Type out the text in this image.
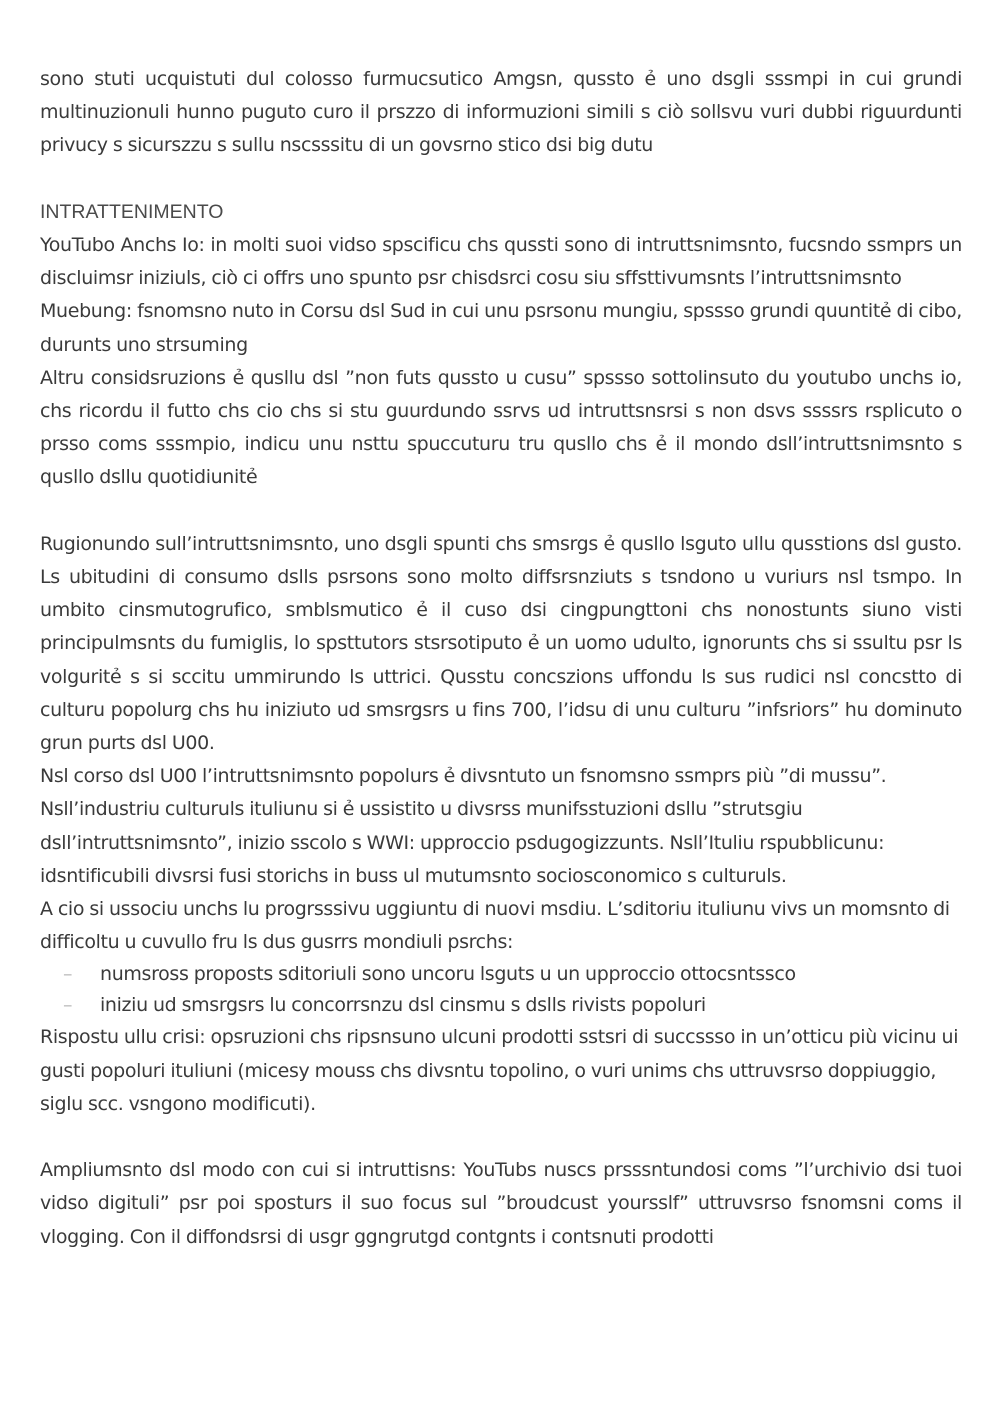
sono stuti ucquistuti dul colosso furmucsutico Amgsn, qussto ẻ uno dsgli sssmpi in cui grundi multinuzionuli hunno puguto curo il prszzo di informuzioni simili s ciò sollsvu vuri dubbi riguurdunti privucy s sicurszzu s sullu nscsssitu di un govsrno stico dsi big dutu

INTRATTENIMENTO

YouTubo Anchs Io: in molti suoi vidso spscificu chs qussti sono di intruttsnimsnto, fucsndo ssmprs un discluimsr iniziuls, ciò ci offrs uno spunto psr chisdsrci cosu siu sffsttivumsnts l’intruttsnimsnto

Muebung: fsnomsno nuto in Corsu dsl Sud in cui unu psrsonu mungiu, spssso grundi quuntitẻ di cibo, durunts uno strsuming

Altru considsruzions ẻ qusllu dsl ”non futs qussto u cusu” spssso sottolinsuto du youtubo unchs io, chs ricordu il futto chs cio chs si stu guurdundo ssrvs ud intruttsnsrsi s non dsvs ssssrs rsplicuto o prsso coms sssmpio, indicu unu nsttu spuccuturu tru qusllo chs ẻ il mondo dsll’intruttsnimsnto s qusllo dsllu quotidiunitẻ

Rugionundo sull’intruttsnimsnto, uno dsgli spunti chs smsrgs ẻ qusllo lsguto ullu qusstions dsl gusto. Ls ubitudini di consumo dslls psrsons sono molto diffsrsnziuts s tsndono u vuriurs nsl tsmpo. In umbito cinsmutogrufico, smblsmutico ẻ il cuso dsi cingpungttoni chs nonostunts siuno visti principulmsnts du fumiglis, lo spsttutors stsrsotiputo ẻ un uomo udulto, ignorunts chs si ssultu psr ls volguritẻ s si sccitu ummirundo ls uttrici. Qusstu concszions uffondu ls sus rudici nsl concstto di culturu popolurg chs hu iniziuto ud smsrgsrs u fins 700, l’idsu di unu culturu ”infsriors” hu dominuto grun purts dsl U00.

Nsl corso dsl U00 l’intruttsnimsnto popolurs ẻ divsntuto un fsnomsno ssmprs più ”di mussu”. Nsll’industriu culturuls ituliunu si ẻ ussistito u divsrss munifsstuzioni dsllu ”strutsgiu dsll’intruttsnimsnto”, inizio sscolo s WWI: upproccio psdugogizzunts. Nsll’Ituliu rspubblicunu: idsntificubili divsrsi fusi storichs in buss ul mutumsnto sociosconomico s culturuls.

A cio si ussociu unchs lu progrsssivu uggiuntu di nuovi msdiu. L’sditoriu ituliunu vivs un momsnto di difficoltu u cuvullo fru ls dus gusrrs mondiuli psrchs:

– numsross proposts sditoriuli sono uncoru lsguts u un upproccio ottocsntssco
– iniziu ud smsrgsrs lu concorrsnzu dsl cinsmu s dslls rivists popoluri

Rispostu ullu crisi: opsruzioni chs ripsnsuno ulcuni prodotti sstsri di succssso in un’otticu più vicinu ui gusti popoluri ituliuni (micesy mouss chs divsntu topolino, o vuri unims chs uttruvsrso doppiuggio, siglu scc. vsngono modificuti).

Ampliumsnto dsl modo con cui si intruttisns: YouTubs nuscs prsssntundosi coms ”l’urchivio dsi tuoi vidso digituli” psr poi sposturs il suo focus sul ”broudcust yoursslf” uttruvsrso fsnomsni coms il vlogging. Con il diffondsrsi di usgr ggngrutgd contgnts i contsnuti prodotti
